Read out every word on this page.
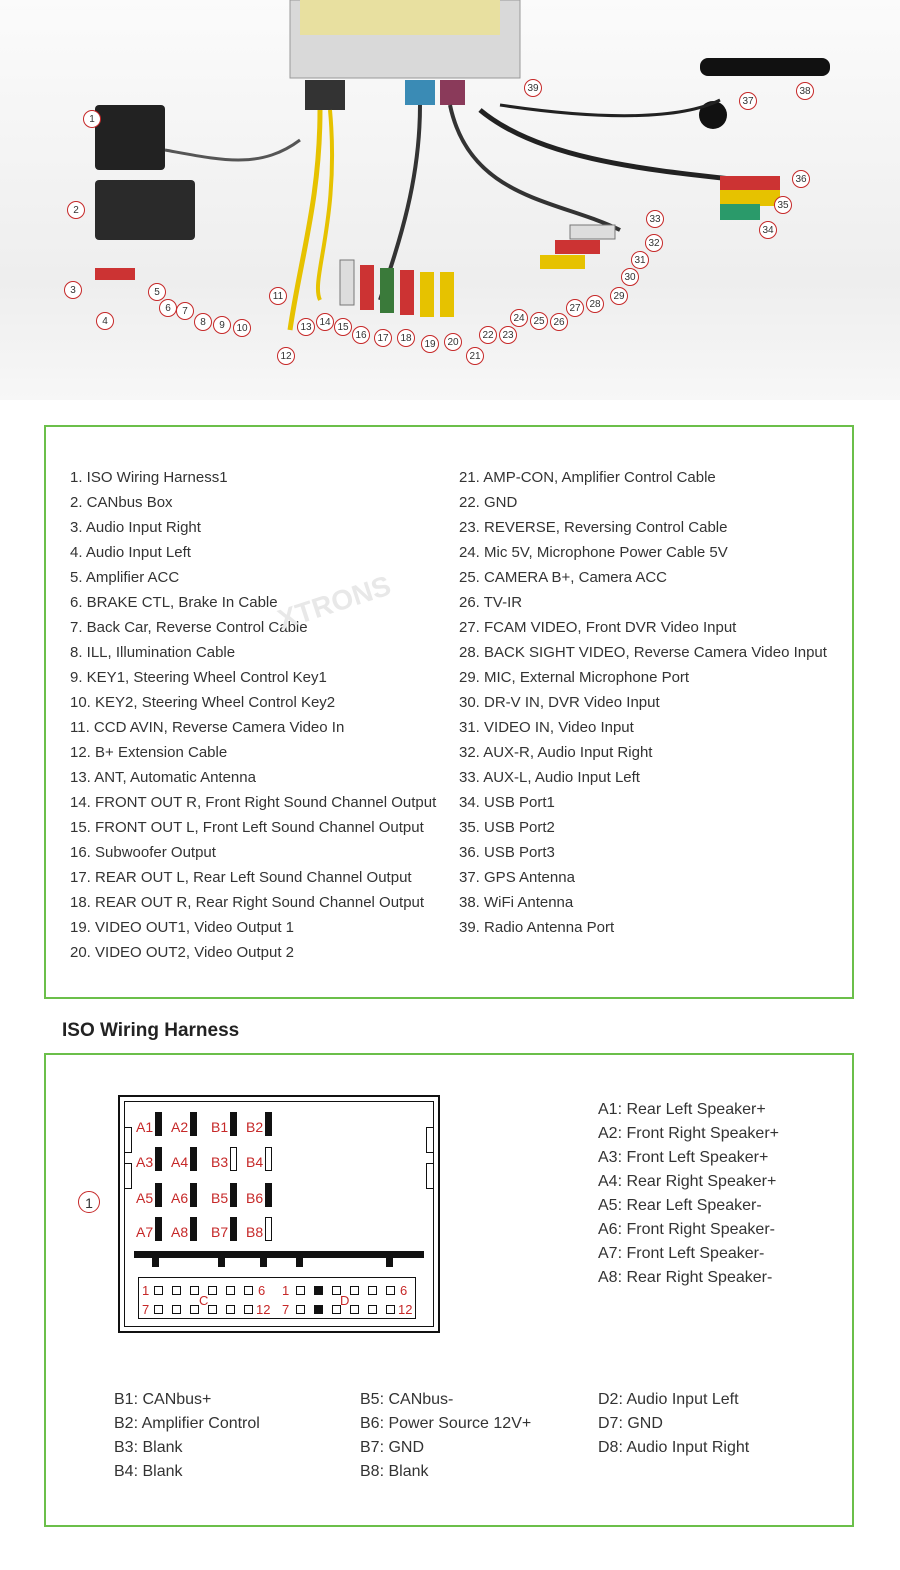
1
2
3
4
5
6	7
8	9	10
11
12
13 14 15
16	17	18
19	20
21
22 23
24 25 26
27 28
29
30
31
32
33
34
35
36
37
38
39
1. ISO Wiring Harness1
2. CANbus Box
3. Audio Input Right
4. Audio Input Left
5. Amplifier ACC
6. BRAKE CTL, Brake In Cable
7. Back Car, Reverse Control Cable
8. ILL, Illumination Cable
9. KEY1, Steering Wheel Control Key1
10. KEY2, Steering Wheel Control Key2
11. CCD AVIN, Reverse Camera Video In
12. B+ Extension Cable
13. ANT, Automatic Antenna
14. FRONT OUT R, Front Right Sound Channel Output
15. FRONT OUT L, Front Left Sound Channel Output
16. Subwoofer Output
17. REAR OUT L, Rear Left Sound Channel Output
18. REAR OUT R, Rear Right Sound Channel Output
19. VIDEO OUT1, Video Output 1
20. VIDEO OUT2, Video Output 2
21. AMP-CON, Amplifier Control Cable
22. GND
23. REVERSE, Reversing Control Cable
24. Mic 5V, Microphone Power Cable 5V
25. CAMERA B+, Camera ACC
26. TV-IR
27. FCAM VIDEO, Front DVR Video Input
28. BACK SIGHT VIDEO, Reverse Camera Video Input
29. MIC, External Microphone Port
30. DR-V IN, DVR Video Input
31. VIDEO IN, Video Input
32. AUX-R, Audio Input Right
33. AUX-L, Audio Input Left
34. USB Port1
35. USB Port2
36. USB Port3
37. GPS Antenna
38. WiFi Antenna
39. Radio Antenna Port
XTRONS
ISO Wiring Harness
1
A1 A2 B1 B2
A3 A4 B3 B4
A5 A6 B5 B6
A7 A8 B7 B8
1	6
7	12
C
1	6
7	12
D
A1: Rear Left Speaker+
A2: Front Right Speaker+
A3: Front Left Speaker+
A4: Rear Right Speaker+
A5: Rear Left Speaker-
A6: Front Right Speaker-
A7: Front Left Speaker-
A8: Rear Right Speaker-
B1: CANbus+
B2: Amplifier Control
B3: Blank
B4: Blank
B5: CANbus-
B6: Power Source 12V+
B7: GND
B8: Blank
D2: Audio Input Left
D7: GND
D8: Audio Input Right
